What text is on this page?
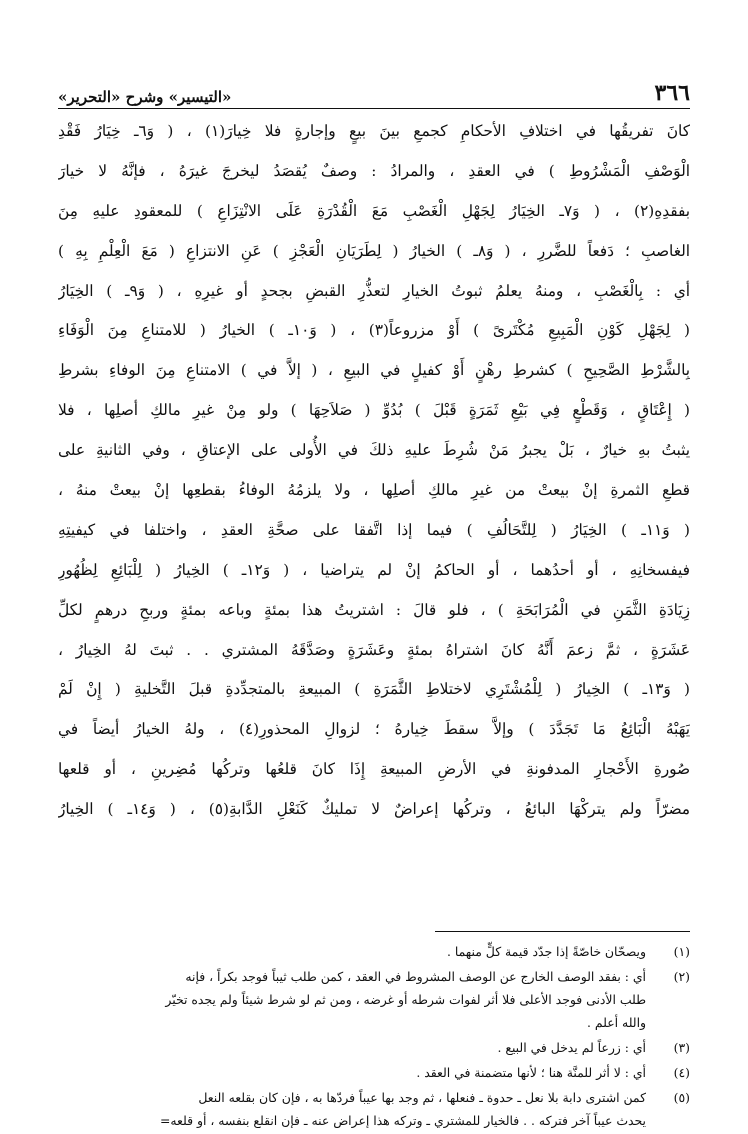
٣٦٦
«التيسير» وشرح «التحرير»
كانَ تفريقُها في اختلافِ الأحكامِ كجمعِ بينَ بيعٍ وإجارةٍ فلا خِيارَ(١) ، ( وَ٦ـ خِيَارُ فَقْدِ
الْوَصْفِ الْمَشْرُوطِ ) في العقدِ ، والمرادُ : وصفٌ يُقصَدُ ليخرجَ غيرَهُ ، فإنَّهُ لا خيارَ
بفقدِهِ(٢) ، ( وَ٧ـ الخِيَارُ لِجَهْلِ الْغَصْبِ مَعَ الْقُدْرَةِ عَلَى الانْتِزَاعِ ) للمعقودِ عليهِ مِنَ
الغاصبِ ؛ دَفعاً للضَّررِ ، ( وَ٨ـ ) الخيارُ ( لِطَرَيَانِ الْعَجْزِ ) عَنِ الانتزاعِ ( مَعَ الْعِلْمِ بِهِ )
أي : بِالْغَصْبِ ، ومنهُ يعلمُ ثبوتُ الخيارِ لتعذُّرِ القبضِ بجحدٍ أو غيرِهِ ، ( وَ٩ـ ) الخِيَارُ
( لِجَهْلِ كَوْنِ الْمَبِيعِ مُكْتَرىً ) أَوْ مزروعاً(٣) ، ( وَ١٠ـ ) الخيارُ ( للامتناعِ مِنَ الْوَفَاءِ
بِالشَّرْطِ الصَّحِيحِ ) كشرطِ رهْنٍ أَوْ كفيلٍ في البيعِ ، ( إلاَّ في ) الامتناعِ مِنَ الوفاءِ بشرطِ
( إِعْتَاقٍ ، وَقَطْعٍ فِي بَيْعِ ثَمَرَةٍ قَبْلَ ) بُدُوِّ ( صَلاَحِهَا ) ولو مِنْ غيرِ مالكِ أصلِها ، فلا
يثبتُ بهِ خيارٌ ، بَلْ يجبرُ مَنْ شُرِطَ عليهِ ذلكَ في الأُولى على الإعتاقِ ، وفي الثانيةِ على
قطعِ الثمرةِ إنْ بيعتْ من غيرِ مالكِ أصلِها ، ولا يلزمُهُ الوفاءُ بقطعِها إنْ بيعتْ منهُ ،
( وَ١١ـ ) الخِيَارُ ( لِلتَّحَالُفِ ) فيما إذا اتَّفقا على صحَّةِ العقدِ ، واختلفا في كيفيتِهِ
فيفسخانِهِ ، أو أحدُهما ، أو الحاكمُ إنْ لم يتراضيا ، ( وَ١٢ـ ) الخِيارُ ( لِلْبَائِعِ لِظُهُورِ
زِيَادَةِ الثَّمَنِ في الْمُرَابَحَةِ ) ، فلو قالَ : اشتريتُ هذا بمئةٍ وباعه بمئةٍ وربحِ درهمٍ لكلِّ
عَشَرَةٍ ، ثمَّ زعمَ أَنَّهُ كانَ اشتراهُ بمئةٍ وعَشَرَةٍ وصَدَّقَهُ المشتري . . ثبتَ لهُ الخِيارُ ،
( وَ١٣ـ ) الخِيارُ ( لِلْمُشْتَرِي لاختلاطِ الثَّمَرَةِ ) المبيعةِ بالمتجدِّدةِ قبلَ التَّخليةِ ( إِنْ لَمْ
يَهَبْهُ الْبَائِعُ مَا تَجَدَّدَ ) وإلاَّ سقطَ خِيارهُ ؛ لزوالِ المحذورِ(٤) ، ولهُ الخيارُ أيضاً في
صُورةِ الأَحْجارِ المدفونةِ في الأرضِ المبيعةِ إِذَا كانَ قلعُها وتركُها مُضِرينِ ، أو قلعها
مضرّاً ولم يتركْهَا البائعُ ، وتركُها إعراضٌ لا تمليكٌ كَنَعْلِ الدَّابةِ(٥) ، ( وَ١٤ـ ) الخِيارُ
(١)
ويصحّان خاصّةً إذا جدّد قيمة كلٍّ منهما .
(٢)
أي : بفقد الوصف الخارج عن الوصف المشروط في العقد ، كمن طلب ثيباً فوجد بكراً ، فإنه
طلب الأدنى فوجد الأعلى فلا أثر لفوات شرطه أو غرضه ، ومن ثم لو شرط شيئاً ولم يجده تخيّر
والله أعلم .
(٣)
أي : زرعاً لم يدخل في البيع .
(٤)
أي : لا أثر للمنَّة هنا ؛ لأنها متضمنة في العقد .
(٥)
كمن اشترى دابة بلا نعل ـ حدوة ـ فنعلها ، ثم وجد بها عيباً فردّها به ، فإن كان بقلعه النعل
يحدث عيباً آخر فتركه . . فالخيار للمشتري ـ وتركه هذا إعراض عنه ـ فإن انقلع بنفسه ، أو قلعه=
